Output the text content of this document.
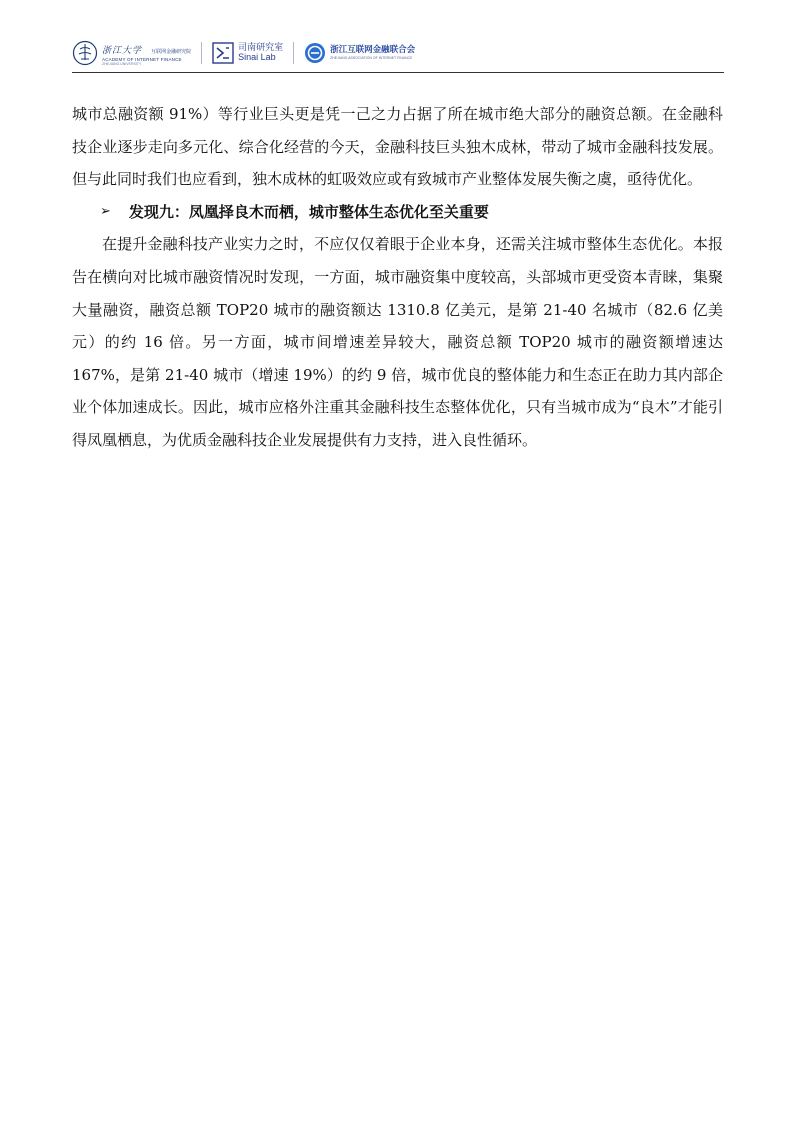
浙江大学 互联网金融研究院
ACADEMY OF INTERNET FINANCE
ZHEJIANG UNIVERSITY
司南研究室
Sinai Lab
浙江互联网金融联合会
ZHEJIANG ASSOCIATION OF INTERNET FINANCE

城市总融资额 91%）等行业巨头更是凭一己之力占据了所在城市绝大部分的融资总额。在金融科技企业逐步走向多元化、综合化经营的今天，金融科技巨头独木成林，带动了城市金融科技发展。但与此同时我们也应看到，独木成林的虹吸效应或有致城市产业整体发展失衡之虞，亟待优化。

➢ 发现九：凤凰择良木而栖，城市整体生态优化至关重要

在提升金融科技产业实力之时，不应仅仅着眼于企业本身，还需关注城市整体生态优化。本报告在横向对比城市融资情况时发现，一方面，城市融资集中度较高，头部城市更受资本青睐，集聚大量融资，融资总额 TOP20 城市的融资额达 1310.8 亿美元，是第 21-40 名城市（82.6 亿美元）的约 16 倍。另一方面，城市间增速差异较大，融资总额 TOP20 城市的融资额增速达 167%，是第 21-40 城市（增速 19%）的约 9 倍，城市优良的整体能力和生态正在助力其内部企业个体加速成长。因此，城市应格外注重其金融科技生态整体优化，只有当城市成为“良木”才能引得凤凰栖息，为优质金融科技企业发展提供有力支持，进入良性循环。
